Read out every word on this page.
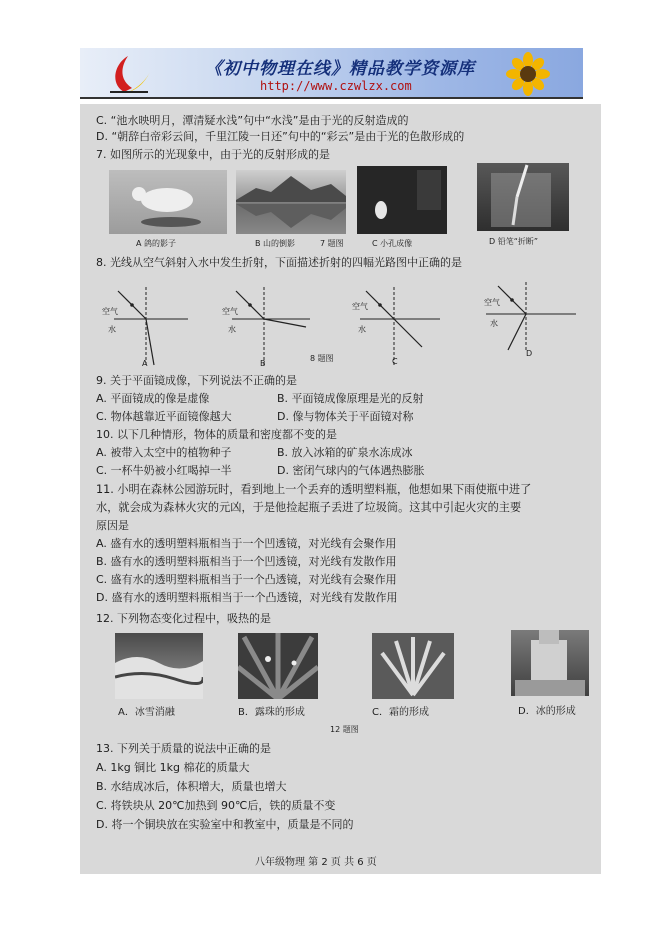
《初中物理在线》精品教学资源库
http://www.czwlzx.com
C. “池水映明月，潭清疑水浅”句中“水浅”是由于光的反射造成的
D. “朝辞白帝彩云间，千里江陵一日还”句中的“彩云”是由于光的色散形成的
7. 如图所示的光现象中，由于光的反射形成的是
A 鸽的影子	B 山的倒影	7 题图	C 小孔成像	D 铅笔“折断”
8. 光线从空气斜射入水中发生折射，下面描述折射的四幅光路图中正确的是
空气
水
A
空气
水
B
8 题图
空气
水
C
空气
水
D
9. 关于平面镜成像，下列说法不正确的是
A. 平面镜成的像是虚像	B. 平面镜成像原理是光的反射
C. 物体越靠近平面镜像越大	D. 像与物体关于平面镜对称
10. 以下几种情形，物体的质量和密度都不变的是
A. 被带入太空中的植物种子	B. 放入冰箱的矿泉水冻成冰
C. 一杯牛奶被小红喝掉一半	D. 密闭气球内的气体遇热膨胀
11. 小明在森林公园游玩时，看到地上一个丢弃的透明塑料瓶，他想如果下雨使瓶中进了
水，就会成为森林火灾的元凶，于是他捡起瓶子丢进了垃圾筒。这其中引起火灾的主要
原因是
A. 盛有水的透明塑料瓶相当于一个凹透镜，对光线有会聚作用
B. 盛有水的透明塑料瓶相当于一个凹透镜，对光线有发散作用
C. 盛有水的透明塑料瓶相当于一个凸透镜，对光线有会聚作用
D. 盛有水的透明塑料瓶相当于一个凸透镜，对光线有发散作用
12. 下列物态变化过程中，吸热的是
A．冰雪消融	B．露珠的形成	C．霜的形成	D．冰的形成
12 题图
13. 下列关于质量的说法中正确的是
A. 1kg 铜比 1kg 棉花的质量大
B. 水结成冰后，体积增大，质量也增大
C. 将铁块从 20℃加热到 90℃后，铁的质量不变
D. 将一个铜块放在实验室中和教室中，质量是不同的
八年级物理 第 2 页 共 6 页
